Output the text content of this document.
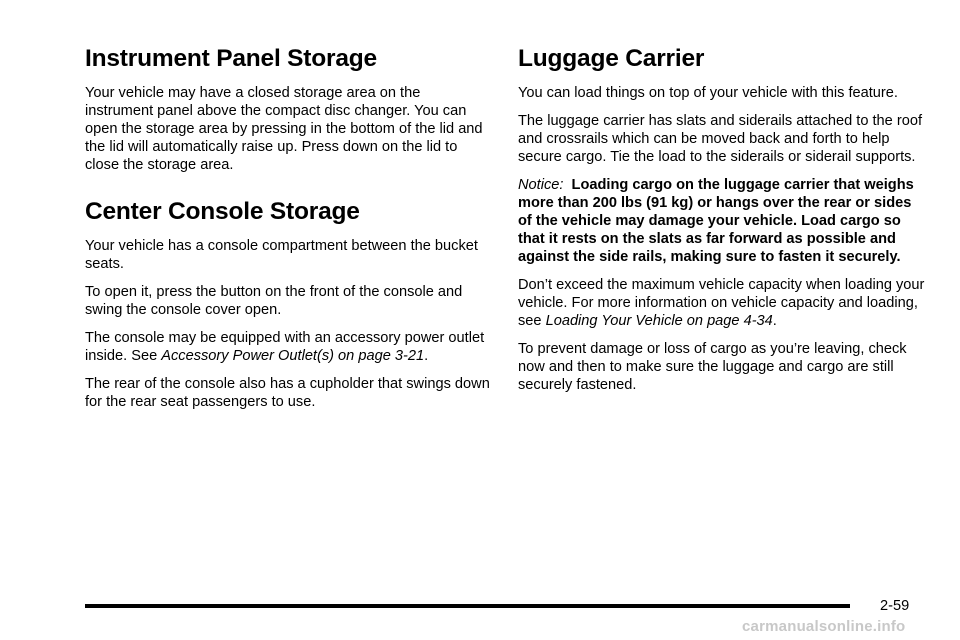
Instrument Panel Storage

Your vehicle may have a closed storage area on the instrument panel above the compact disc changer. You can open the storage area by pressing in the bottom of the lid and the lid will automatically raise up. Press down on the lid to close the storage area.

Center Console Storage

Your vehicle has a console compartment between the bucket seats.

To open it, press the button on the front of the console and swing the console cover open.

The console may be equipped with an accessory power outlet inside. See Accessory Power Outlet(s) on page 3-21.

The rear of the console also has a cupholder that swings down for the rear seat passengers to use.

Luggage Carrier

You can load things on top of your vehicle with this feature.

The luggage carrier has slats and siderails attached to the roof and crossrails which can be moved back and forth to help secure cargo. Tie the load to the siderails or siderail supports.

Notice: Loading cargo on the luggage carrier that weighs more than 200 lbs (91 kg) or hangs over the rear or sides of the vehicle may damage your vehicle. Load cargo so that it rests on the slats as far forward as possible and against the side rails, making sure to fasten it securely.

Don’t exceed the maximum vehicle capacity when loading your vehicle. For more information on vehicle capacity and loading, see Loading Your Vehicle on page 4-34.

To prevent damage or loss of cargo as you’re leaving, check now and then to make sure the luggage and cargo are still securely fastened.

2-59
carmanualsonline.info
